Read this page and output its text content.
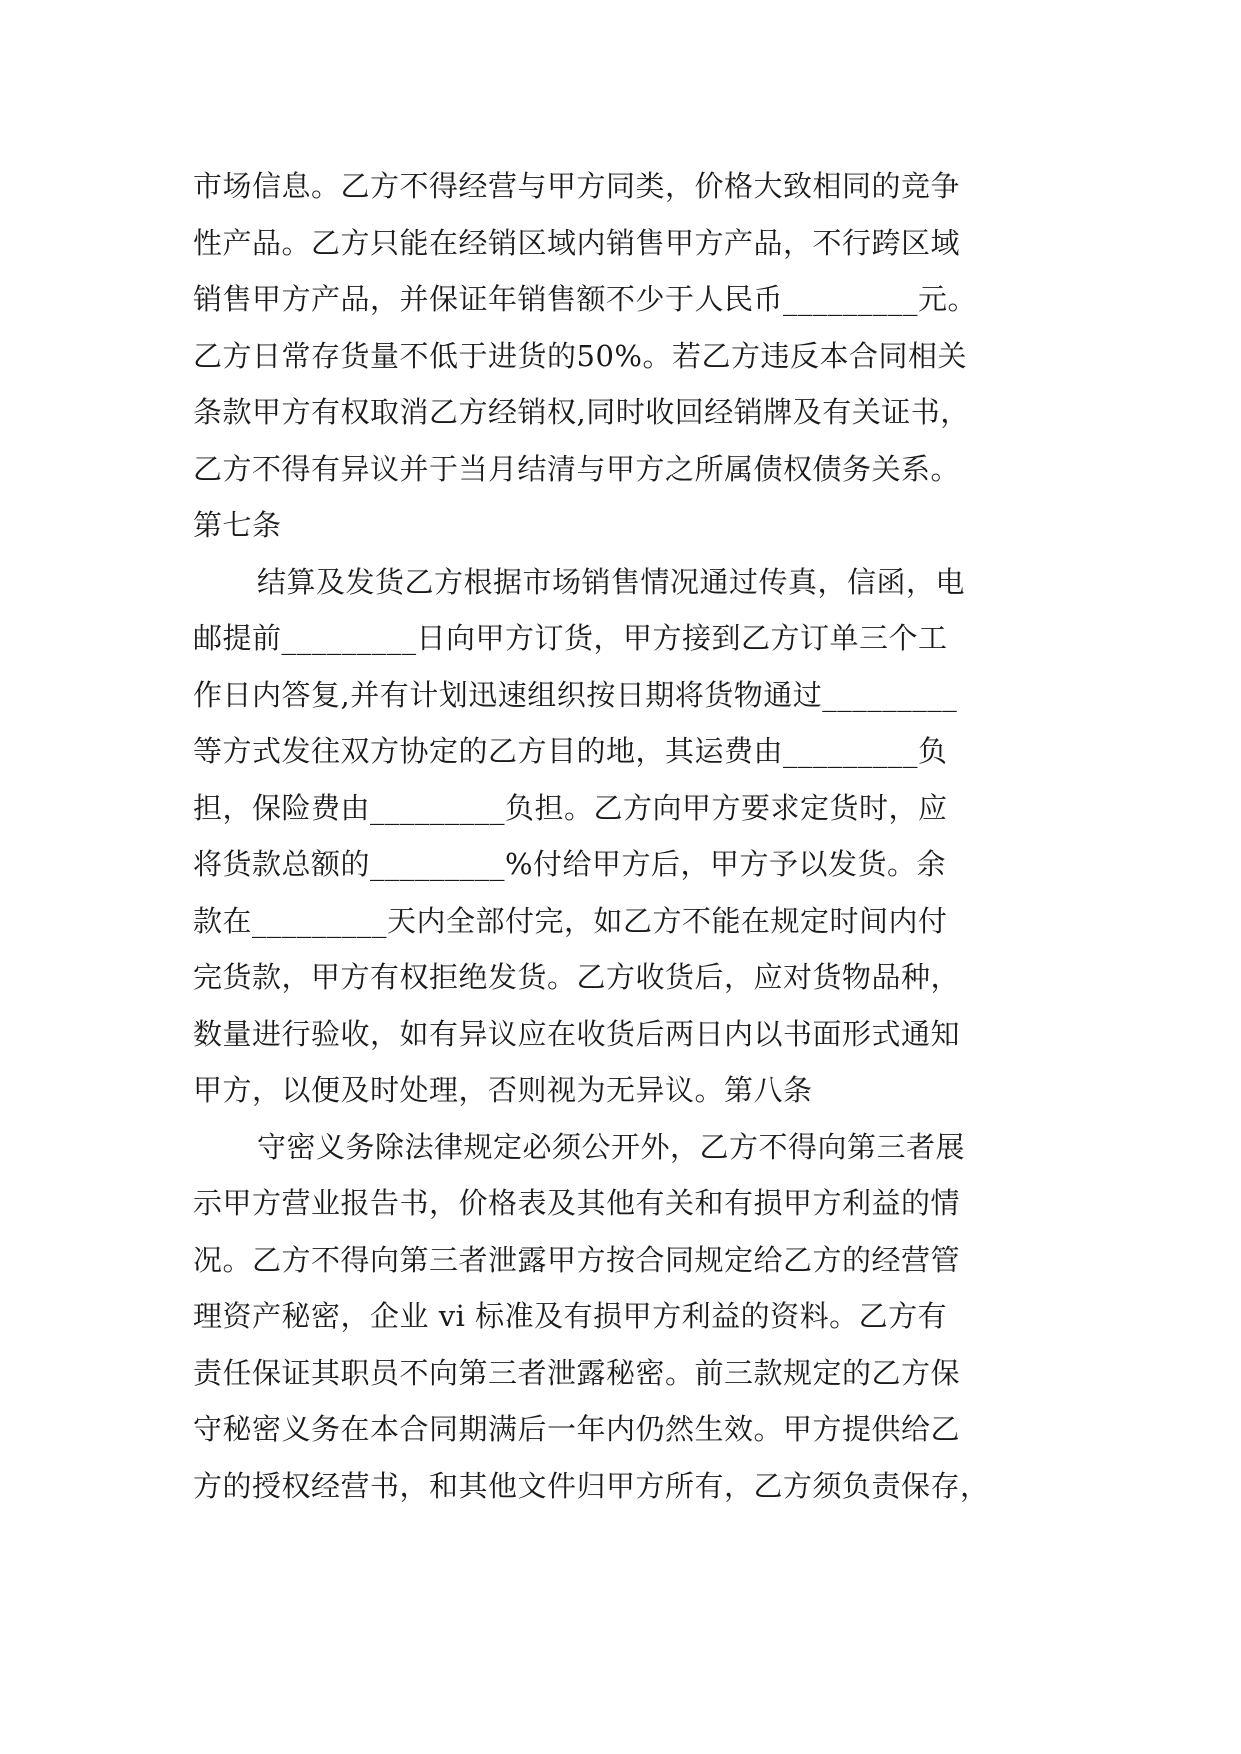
市场信息。乙方不得经营与甲方同类，价格大致相同的竞争
性产品。乙方只能在经销区域内销售甲方产品，不行跨区域
销售甲方产品，并保证年销售额不少于人民币_________元。
乙方日常存货量不低于进货的50%。若乙方违反本合同相关
条款甲方有权取消乙方经销权,同时收回经销牌及有关证书，
乙方不得有异议并于当月结清与甲方之所属债权债务关系。
第七条
结算及发货乙方根据市场销售情况通过传真，信函，电
邮提前_________日向甲方订货，甲方接到乙方订单三个工
作日内答复,并有计划迅速组织按日期将货物通过_________
等方式发往双方协定的乙方目的地，其运费由_________负
担，保险费由_________负担。乙方向甲方要求定货时，应
将货款总额的_________%付给甲方后，甲方予以发货。余
款在_________天内全部付完，如乙方不能在规定时间内付
完货款，甲方有权拒绝发货。乙方收货后，应对货物品种，
数量进行验收，如有异议应在收货后两日内以书面形式通知
甲方，以便及时处理，否则视为无异议。第八条
守密义务除法律规定必须公开外，乙方不得向第三者展
示甲方营业报告书，价格表及其他有关和有损甲方利益的情
况。乙方不得向第三者泄露甲方按合同规定给乙方的经营管
理资产秘密，企业 vi 标准及有损甲方利益的资料。乙方有
责任保证其职员不向第三者泄露秘密。前三款规定的乙方保
守秘密义务在本合同期满后一年内仍然生效。甲方提供给乙
方的授权经营书，和其他文件归甲方所有，乙方须负责保存，
